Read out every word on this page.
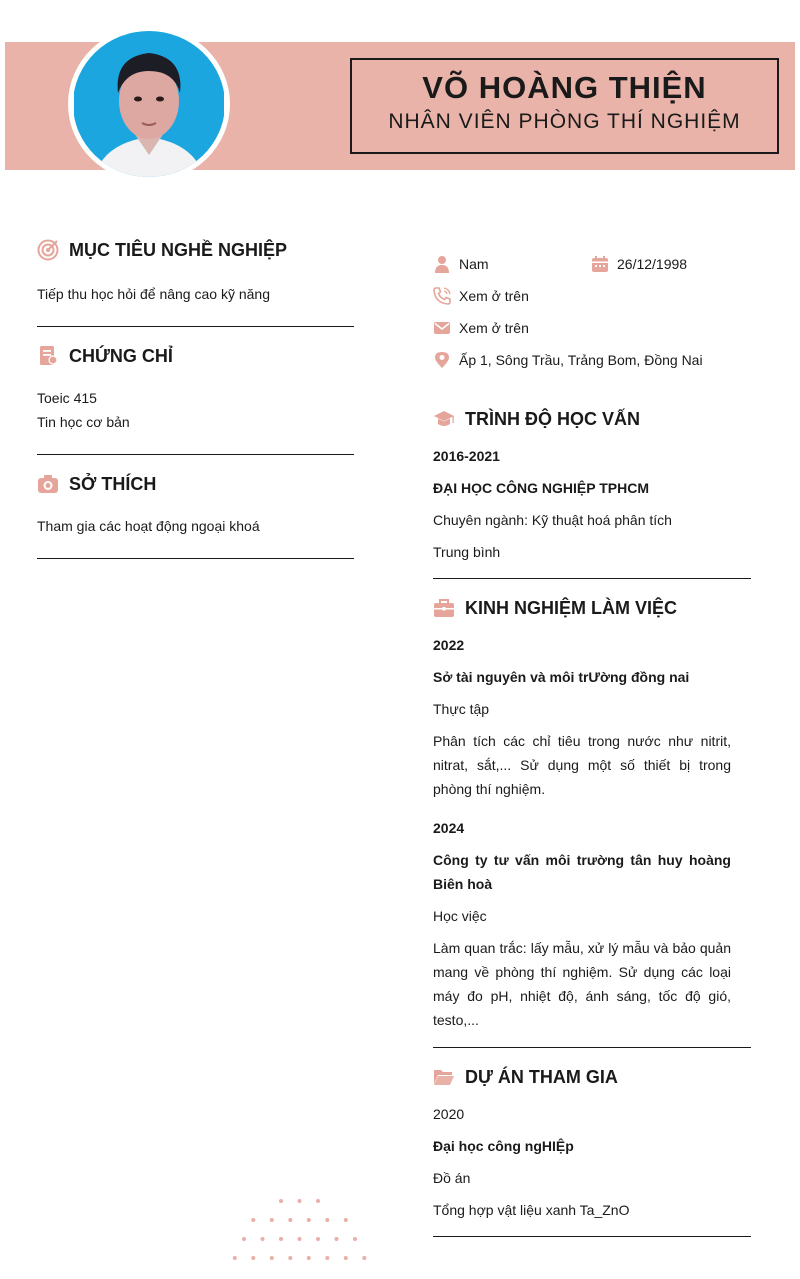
VÕ HOÀNG THIỆN
NHÂN VIÊN PHÒNG THÍ NGHIỆM
MỤC TIÊU NGHỀ NGHIỆP
Tiếp thu học hỏi để nâng cao kỹ năng
CHỨNG CHỈ
Toeic 415
Tin học cơ bản
SỞ THÍCH
Tham gia các hoạt động ngoại khoá
Nam	26/12/1998
Xem ở trên
Xem ở trên
Ấp 1, Sông Trầu, Trảng Bom, Đồng Nai
TRÌNH ĐỘ HỌC VẤN
2016-2021
ĐẠI HỌC CÔNG NGHIỆP TPHCM
Chuyên ngành: Kỹ thuật hoá phân tích
Trung bình
KINH NGHIỆM LÀM VIỆC
2022
Sở tài nguyên và môi trƯờng đồng nai
Thực tập
Phân tích các chỉ tiêu trong nước như nitrit, nitrat, sắt,... Sử dụng một số thiết bị trong phòng thí nghiệm.
2024
Công ty tư vấn môi trường tân huy hoàng Biên hoà
Học việc
Làm quan trắc: lấy mẫu, xử lý mẫu và bảo quản mang về phòng thí nghiệm. Sử dụng các loại máy đo pH, nhiệt độ, ánh sáng, tốc độ gió, testo,...
DỰ ÁN THAM GIA
2020
Đại học công ngHIỆp
Đồ án
Tổng hợp vật liệu xanh Ta_ZnO
